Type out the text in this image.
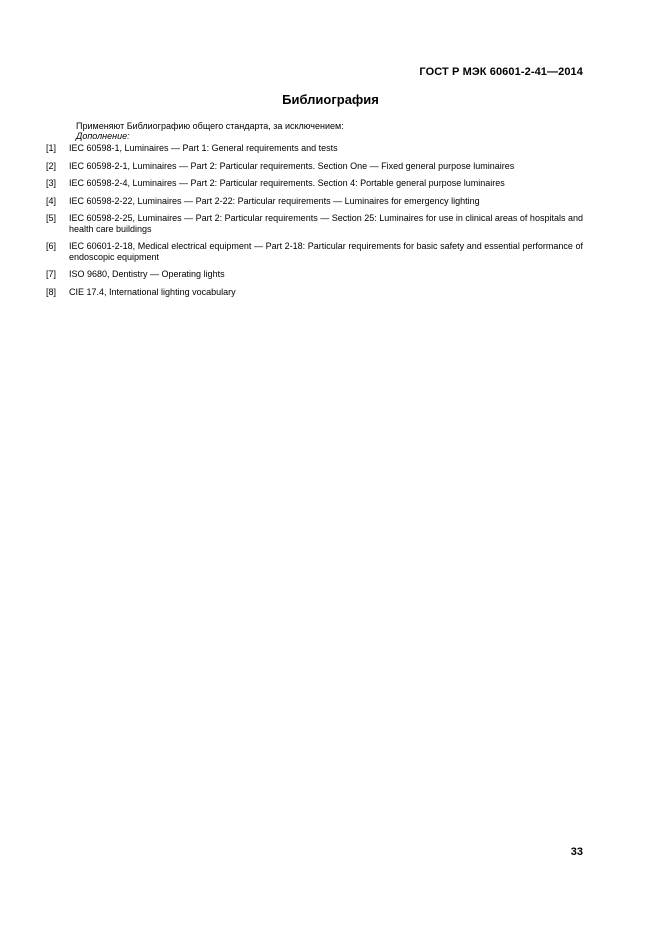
ГОСТ Р МЭК 60601-2-41—2014
Библиография
Применяют Библиографию общего стандарта, за исключением:
Дополнение:
[1]	IEC 60598-1, Luminaires — Part 1: General requirements and tests
[2]	IEC 60598-2-1, Luminaires — Part 2: Particular requirements. Section One — Fixed general purpose luminaires
[3]	IEC 60598-2-4, Luminaires — Part 2: Particular requirements. Section 4: Portable general purpose luminaires
[4]	IEC 60598-2-22, Luminaires — Part 2-22: Particular requirements — Luminaires for emergency lighting
[5]	IEC 60598-2-25, Luminaires — Part 2: Particular requirements — Section 25: Luminaires for use in clinical areas of hospitals and health care buildings
[6]	IEC 60601-2-18, Medical electrical equipment — Part 2-18: Particular requirements for basic safety and essential performance of endoscopic equipment
[7]	ISO 9680, Dentistry — Operating lights
[8]	CIE 17.4, International lighting vocabulary
33
